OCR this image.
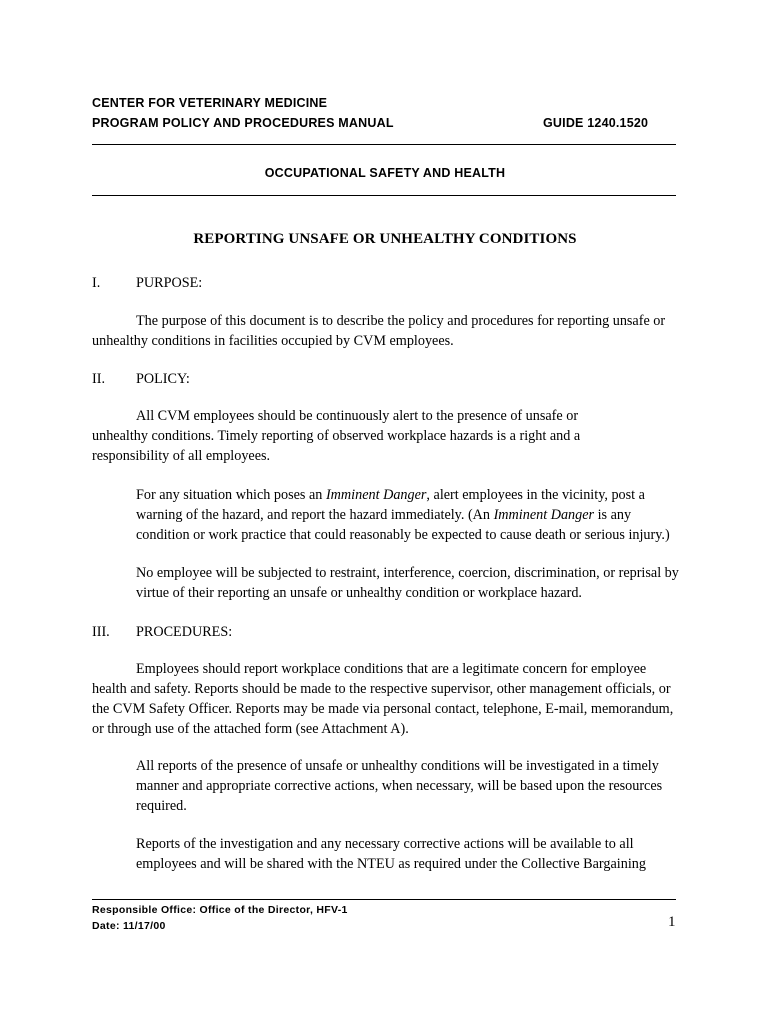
CENTER FOR VETERINARY MEDICINE
PROGRAM POLICY AND PROCEDURES MANUAL	GUIDE 1240.1520
OCCUPATIONAL SAFETY AND HEALTH
REPORTING UNSAFE OR UNHEALTHY CONDITIONS
I.	PURPOSE:

The purpose of this document is to describe the policy and procedures for reporting unsafe or unhealthy conditions in facilities occupied by CVM employees.

II. POLICY:

All CVM employees should be continuously alert to the presence of unsafe or unhealthy conditions. Timely reporting of observed workplace hazards is a right and a responsibility of all employees.

For any situation which poses an Imminent Danger, alert employees in the vicinity, post a warning of the hazard, and report the hazard immediately. (An Imminent Danger is any condition or work practice that could reasonably be expected to cause death or serious injury.)

No employee will be subjected to restraint, interference, coercion, discrimination, or reprisal by virtue of their reporting an unsafe or unhealthy condition or workplace hazard.

III. PROCEDURES:

Employees should report workplace conditions that are a legitimate concern for employee health and safety. Reports should be made to the respective supervisor, other management officials, or the CVM Safety Officer. Reports may be made via personal contact, telephone, E-mail, memorandum, or through use of the attached form (see Attachment A).

All reports of the presence of unsafe or unhealthy conditions will be investigated in a timely manner and appropriate corrective actions, when necessary, will be based upon the resources required.

Reports of the investigation and any necessary corrective actions will be available to all employees and will be shared with the NTEU as required under the Collective Bargaining

Responsible Office: Office of the Director, HFV-1
Date: 11/17/00	1
